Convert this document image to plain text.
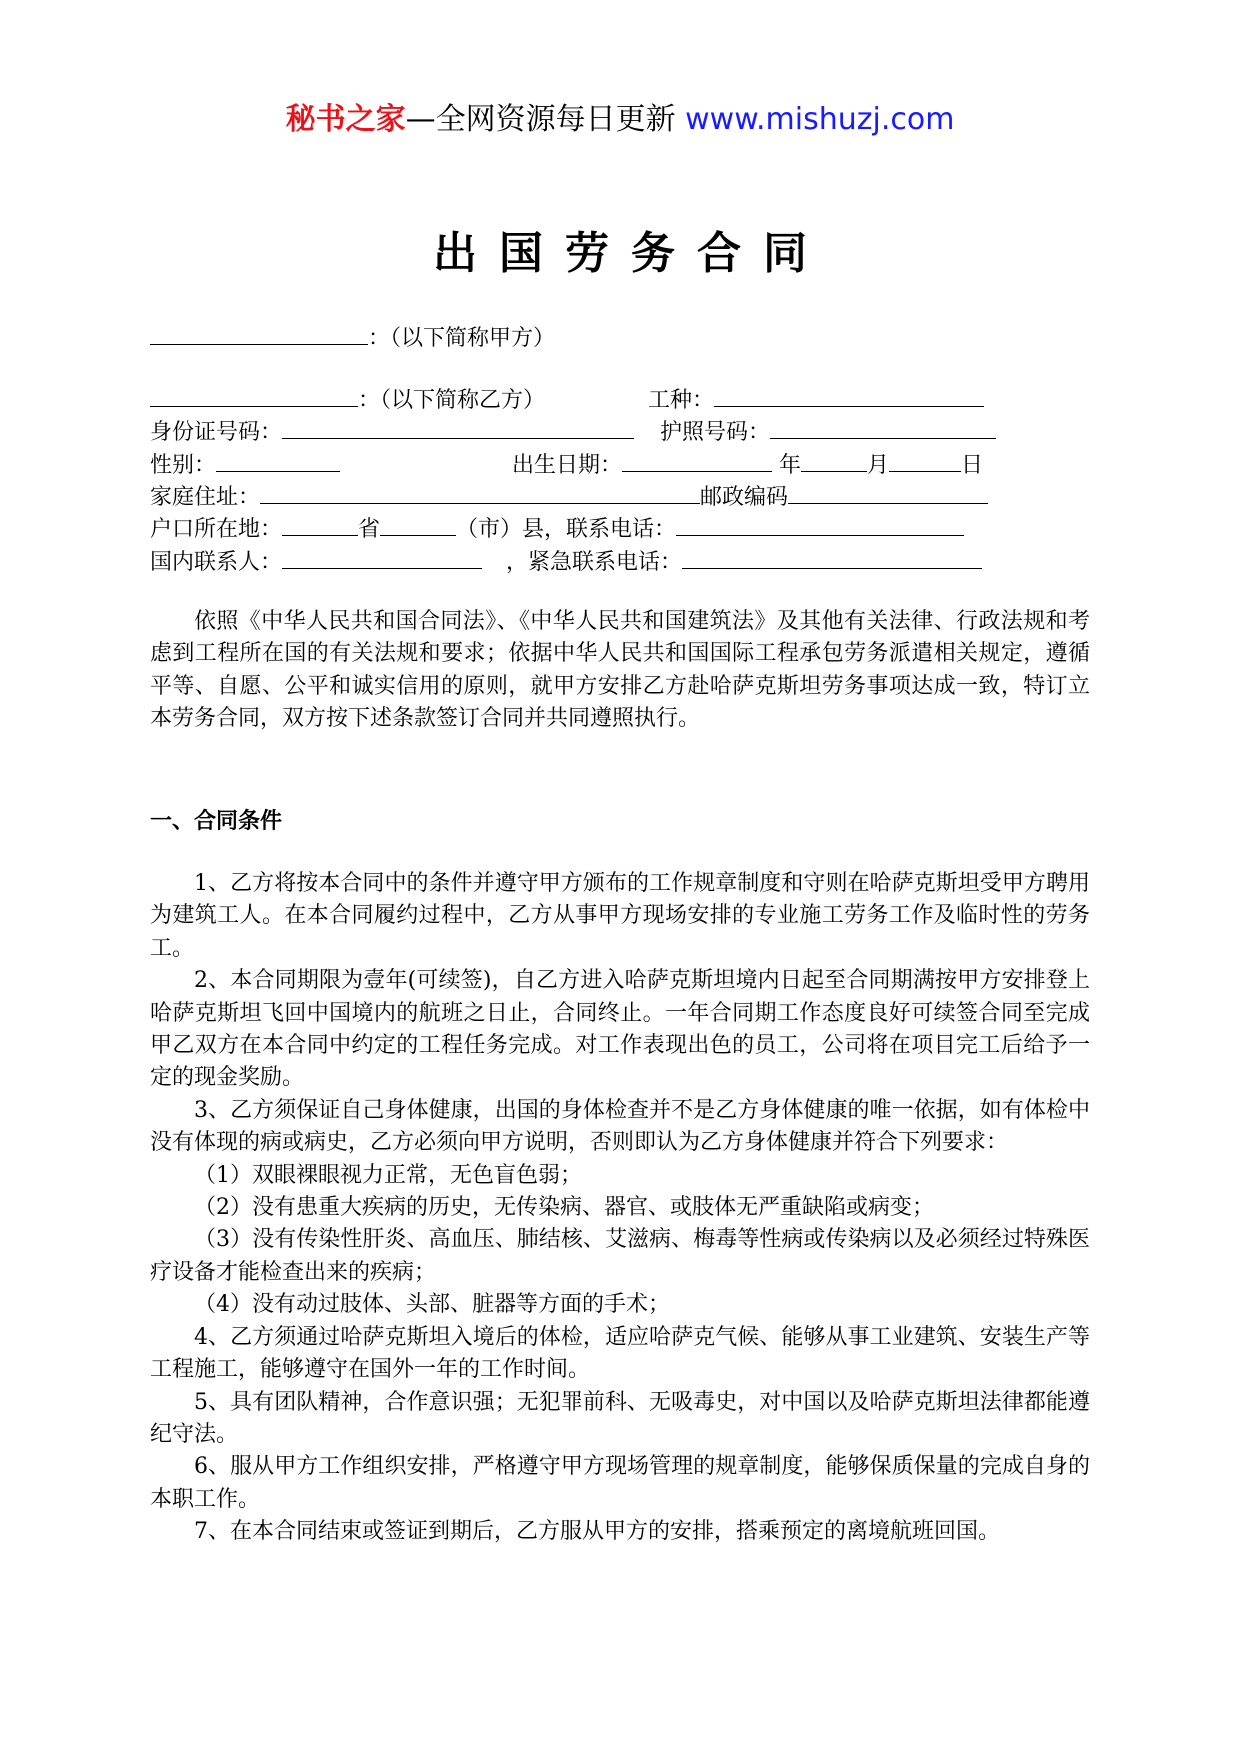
秘书之家—全网资源每日更新 www.mishuzj.com
出国劳务合同
：（以下简称甲方）
：（以下简称乙方）	工种：
身份证号码：	护照号码：
性别：	出生日期：	年	月	日
家庭住址：	邮政编码
户口所在地：	省	（市）县，联系电话：
国内联系人：	，紧急联系电话：

依照《中华人民共和国合同法》、《中华人民共和国建筑法》及其他有关法律、行政法规和考虑到工程所在国的有关法规和要求；依据中华人民共和国国际工程承包劳务派遣相关规定，遵循平等、自愿、公平和诚实信用的原则，就甲方安排乙方赴哈萨克斯坦劳务事项达成一致，特订立本劳务合同，双方按下述条款签订合同并共同遵照执行。

一、合同条件

1、乙方将按本合同中的条件并遵守甲方颁布的工作规章制度和守则在哈萨克斯坦受甲方聘用为建筑工人。在本合同履约过程中，乙方从事甲方现场安排的专业施工劳务工作及临时性的劳务工。

2、本合同期限为壹年(可续签)，自乙方进入哈萨克斯坦境内日起至合同期满按甲方安排登上哈萨克斯坦飞回中国境内的航班之日止，合同终止。一年合同期工作态度良好可续签合同至完成甲乙双方在本合同中约定的工程任务完成。对工作表现出色的员工，公司将在项目完工后给予一定的现金奖励。

3、乙方须保证自己身体健康，出国的身体检查并不是乙方身体健康的唯一依据，如有体检中没有体现的病或病史，乙方必须向甲方说明，否则即认为乙方身体健康并符合下列要求：

（1）双眼裸眼视力正常，无色盲色弱；

（2）没有患重大疾病的历史，无传染病、器官、或肢体无严重缺陷或病变；

（3）没有传染性肝炎、高血压、肺结核、艾滋病、梅毒等性病或传染病以及必须经过特殊医疗设备才能检查出来的疾病；

（4）没有动过肢体、头部、脏器等方面的手术；

4、乙方须通过哈萨克斯坦入境后的体检，适应哈萨克气候、能够从事工业建筑、安装生产等工程施工，能够遵守在国外一年的工作时间。

5、具有团队精神，合作意识强；无犯罪前科、无吸毒史，对中国以及哈萨克斯坦法律都能遵纪守法。

6、服从甲方工作组织安排，严格遵守甲方现场管理的规章制度，能够保质保量的完成自身的本职工作。

7、在本合同结束或签证到期后，乙方服从甲方的安排，搭乘预定的离境航班回国。
